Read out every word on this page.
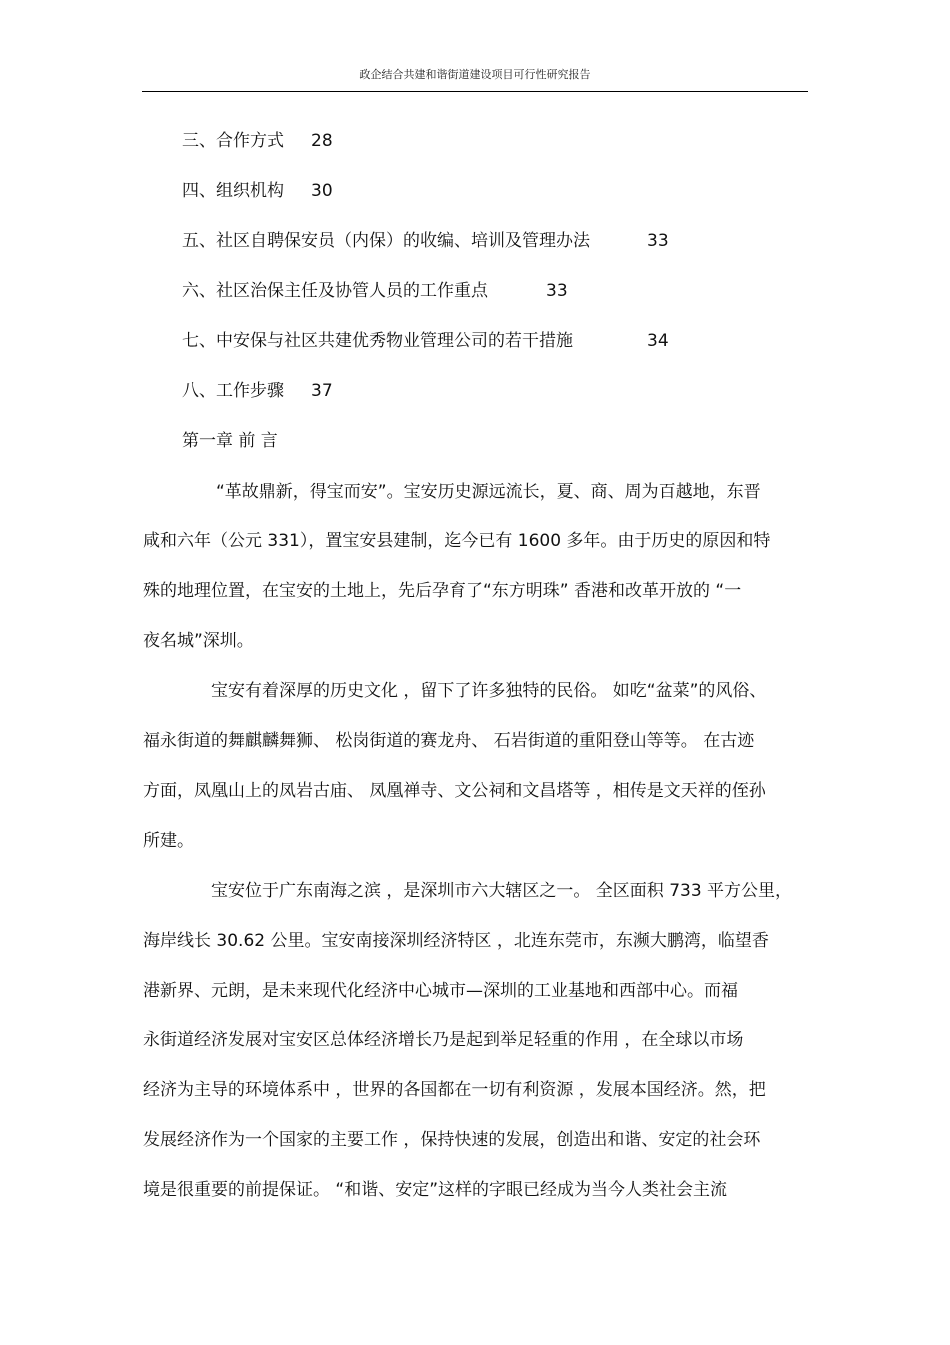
政企结合共建和谐街道建设项目可行性研究报告
三、合作方式 28
四、组织机构 30
五、社区自聘保安员（内保）的收编、培训及管理办法	33
六、社区治保主任及协管人员的工作重点	33
七、中安保与社区共建优秀物业管理公司的若干措施	34
八、工作步骤 37
第一章 前 言
“革故鼎新，得宝而安”。宝安历史源远流长，夏、商、周为百越地，东晋
咸和六年（公元 331），置宝安县建制，迄今已有 1600 多年。由于历史的原因和特
殊的地理位置，在宝安的土地上，先后孕育了“东方明珠” 香港和改革开放的 “一
夜名城”深圳。
宝安有着深厚的历史文化 ，留下了许多独特的民俗。 如吃“盆菜”的风俗、
福永街道的舞麒麟舞狮、 松岗街道的赛龙舟、 石岩街道的重阳登山等等。 在古迹
方面，凤凰山上的凤岩古庙、 凤凰禅寺、文公祠和文昌塔等 ，相传是文天祥的侄孙
所建。
宝安位于广东南海之滨 ，是深圳市六大辖区之一。 全区面积 733 平方公里，
海岸线长 30.62 公里。宝安南接深圳经济特区 ，北连东莞市，东濒大鹏湾，临望香
港新界、元朗，是未来现代化经济中心城市—深圳的工业基地和西部中心。而福
永街道经济发展对宝安区总体经济增长乃是起到举足轻重的作用 ，在全球以市场
经济为主导的环境体系中 ，世界的各国都在一切有利资源 ，发展本国经济。然，把
发展经济作为一个国家的主要工作 ，保持快速的发展，创造出和谐、安定的社会环
境是很重要的前提保证。 “和谐、安定”这样的字眼已经成为当今人类社会主流
